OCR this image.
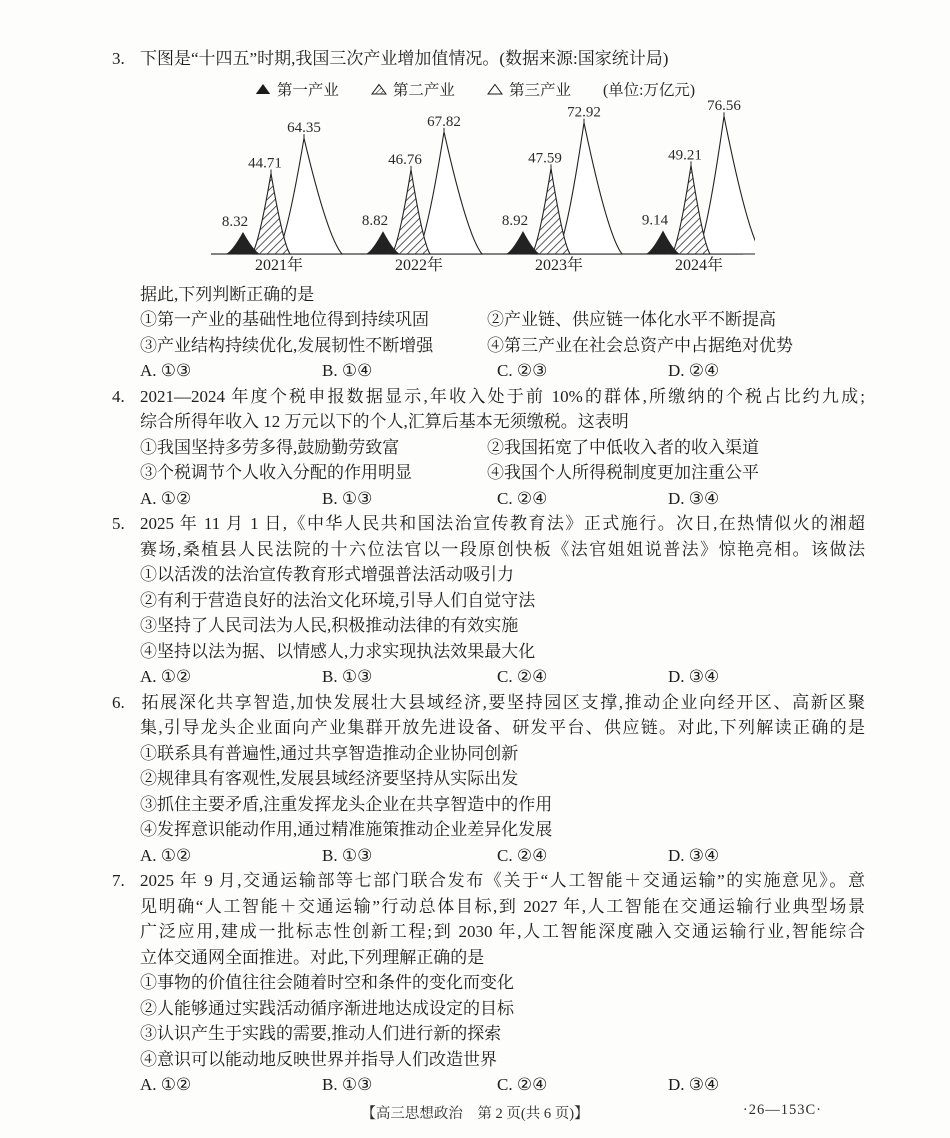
3. 下图是“十四五”时期,我国三次产业增加值情况。(数据来源:国家统计局)
第一产业	第二产业	第三产业 (单位:万亿元)
8.32
44.71
64.35
2021年
8.82
46.76
67.82
2022年
8.92
47.59
72.92
2023年
9.14
49.21
76.56
2024年
据此,下列判断正确的是
①第一产业的基础性地位得到持续巩固	②产业链、供应链一体化水平不断提高
③产业结构持续优化,发展韧性不断增强	④第三产业在社会总资产中占据绝对优势
A. ①③	B. ①④	C. ②③	D. ②④
4. 2021—2024 年度个税申报数据显示,年收入处于前 10%的群体,所缴纳的个税占比约九成;
综合所得年收入 12 万元以下的个人,汇算后基本无须缴税。这表明
①我国坚持多劳多得,鼓励勤劳致富	②我国拓宽了中低收入者的收入渠道
③个税调节个人收入分配的作用明显	④我国个人所得税制度更加注重公平
A. ①②	B. ①③	C. ②④	D. ③④
5. 2025 年 11 月 1 日,《中华人民共和国法治宣传教育法》正式施行。次日,在热情似火的湘超
赛场,桑植县人民法院的十六位法官以一段原创快板《法官姐姐说普法》惊艳亮相。该做法
①以活泼的法治宣传教育形式增强普法活动吸引力
②有利于营造良好的法治文化环境,引导人们自觉守法
③坚持了人民司法为人民,积极推动法律的有效实施
④坚持以法为据、以情感人,力求实现执法效果最大化
A. ①②	B. ①③	C. ②④	D. ③④
6. 拓展深化共享智造,加快发展壮大县域经济,要坚持园区支撑,推动企业向经开区、高新区聚
集,引导龙头企业面向产业集群开放先进设备、研发平台、供应链。对此,下列解读正确的是
①联系具有普遍性,通过共享智造推动企业协同创新
②规律具有客观性,发展县域经济要坚持从实际出发
③抓住主要矛盾,注重发挥龙头企业在共享智造中的作用
④发挥意识能动作用,通过精准施策推动企业差异化发展
A. ①②	B. ①③	C. ②④	D. ③④
7. 2025 年 9 月,交通运输部等七部门联合发布《关于“人工智能＋交通运输”的实施意见》。意
见明确“人工智能＋交通运输”行动总体目标,到 2027 年,人工智能在交通运输行业典型场景
广泛应用,建成一批标志性创新工程;到 2030 年,人工智能深度融入交通运输行业,智能综合
立体交通网全面推进。对此,下列理解正确的是
①事物的价值往往会随着时空和条件的变化而变化
②人能够通过实践活动循序渐进地达成设定的目标
③认识产生于实践的需要,推动人们进行新的探索
④意识可以能动地反映世界并指导人们改造世界
A. ①②	B. ①③	C. ②④	D. ③④
【高三思想政治　第 2 页(共 6 页)】	·26—153C·
